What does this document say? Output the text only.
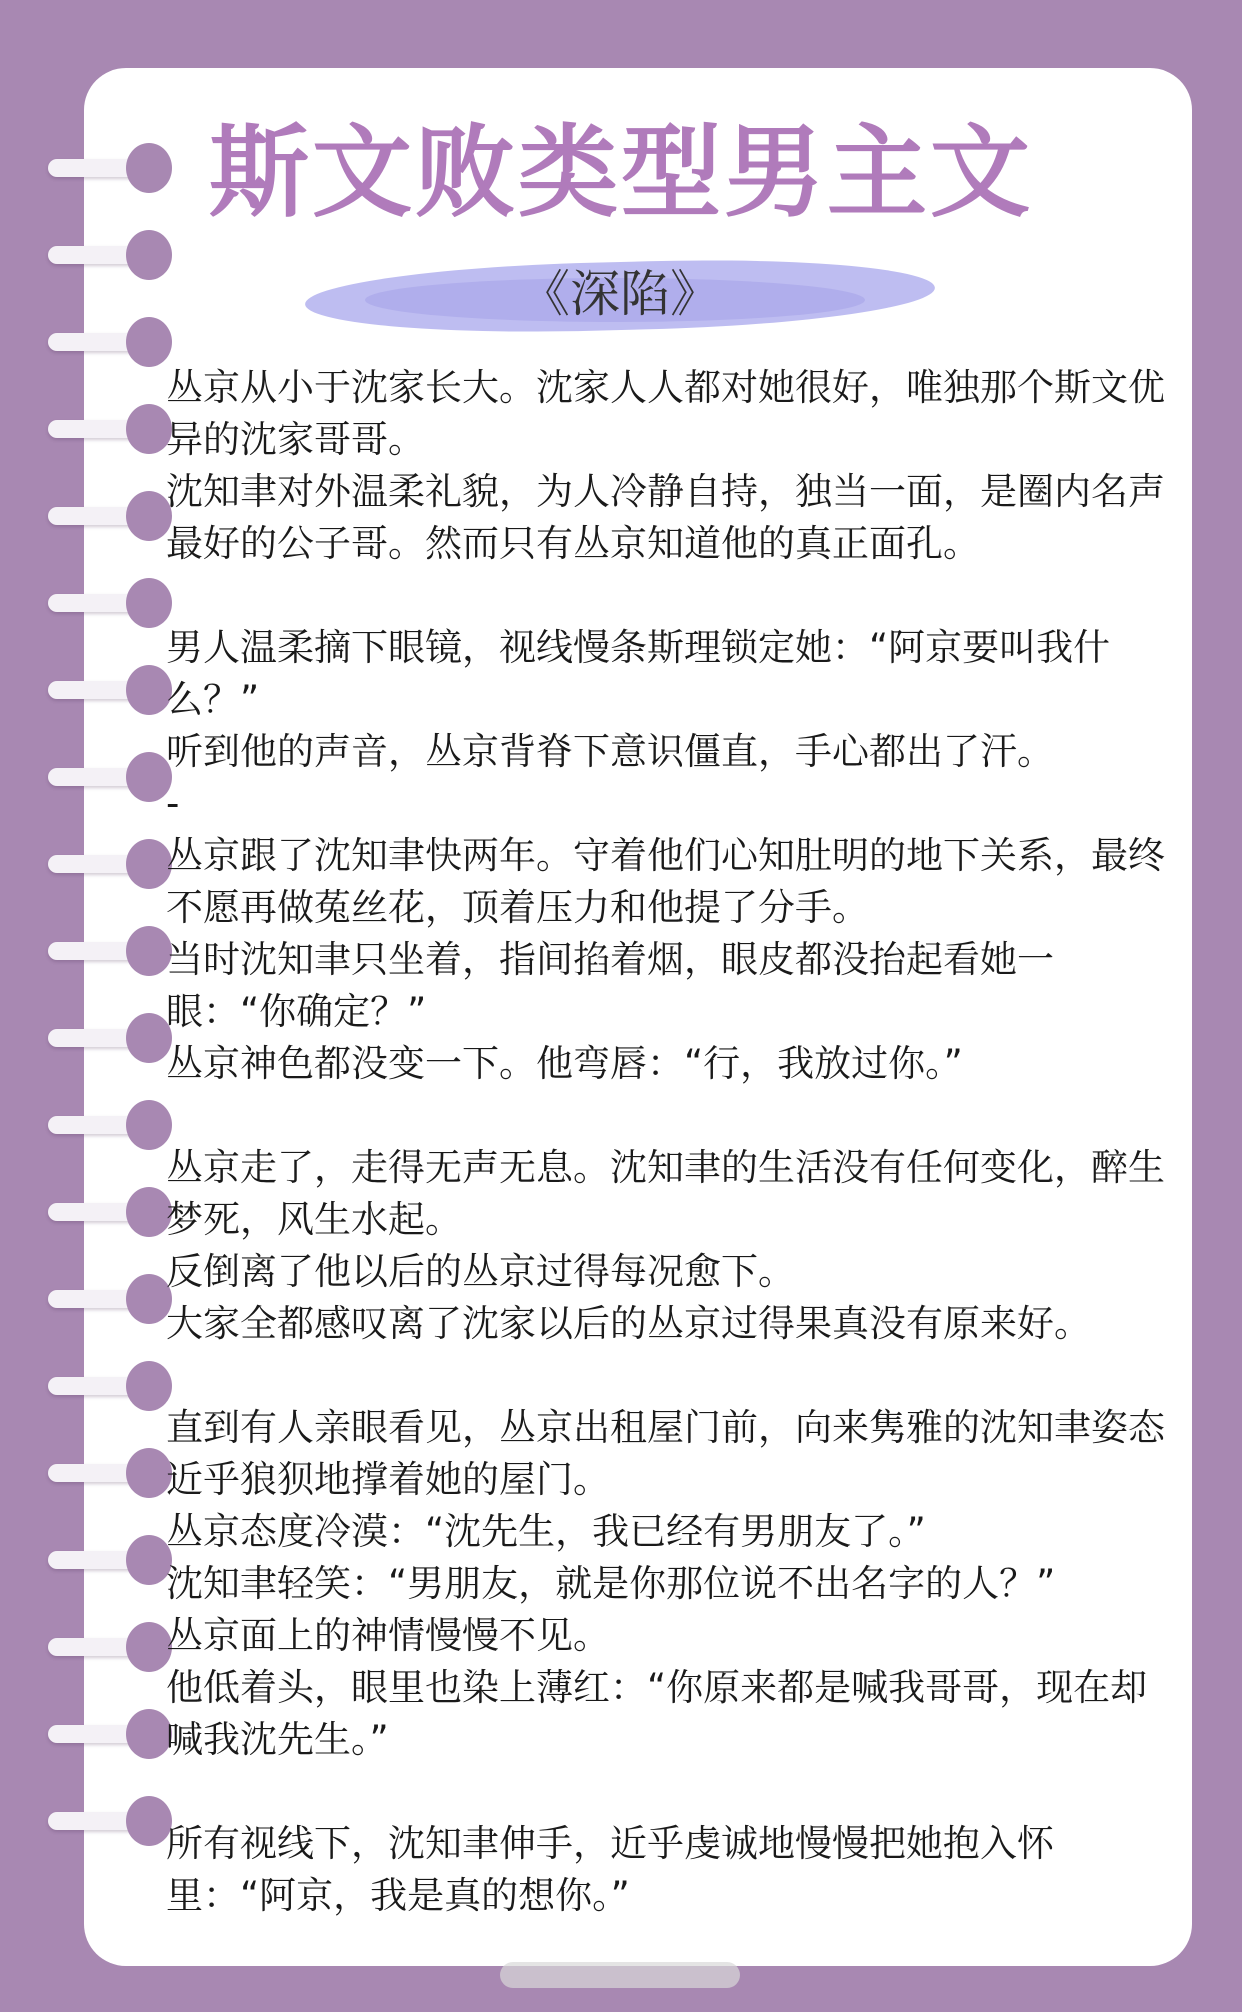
斯文败类型男主文
《深陷》

丛京从小于沈家长大。沈家人人都对她很好，唯独那个斯文优异的沈家哥哥。

沈知聿对外温柔礼貌，为人冷静自持，独当一面，是圈内名声最好的公子哥。然而只有丛京知道他的真正面孔。

男人温柔摘下眼镜，视线慢条斯理锁定她：“阿京要叫我什么？”

听到他的声音，丛京背脊下意识僵直，手心都出了汗。

-

丛京跟了沈知聿快两年。守着他们心知肚明的地下关系，最终不愿再做菟丝花，顶着压力和他提了分手。

当时沈知聿只坐着，指间掐着烟，眼皮都没抬起看她一眼：“你确定？”

丛京神色都没变一下。他弯唇：“行，我放过你。”

丛京走了，走得无声无息。沈知聿的生活没有任何变化，醉生梦死，风生水起。

反倒离了他以后的丛京过得每况愈下。

大家全都感叹离了沈家以后的丛京过得果真没有原来好。

直到有人亲眼看见，丛京出租屋门前，向来隽雅的沈知聿姿态近乎狼狈地撑着她的屋门。

丛京态度冷漠：“沈先生，我已经有男朋友了。”

沈知聿轻笑：“男朋友，就是你那位说不出名字的人？”

丛京面上的神情慢慢不见。

他低着头，眼里也染上薄红：“你原来都是喊我哥哥，现在却喊我沈先生。”

所有视线下，沈知聿伸手，近乎虔诚地慢慢把她抱入怀里：“阿京，我是真的想你。”
